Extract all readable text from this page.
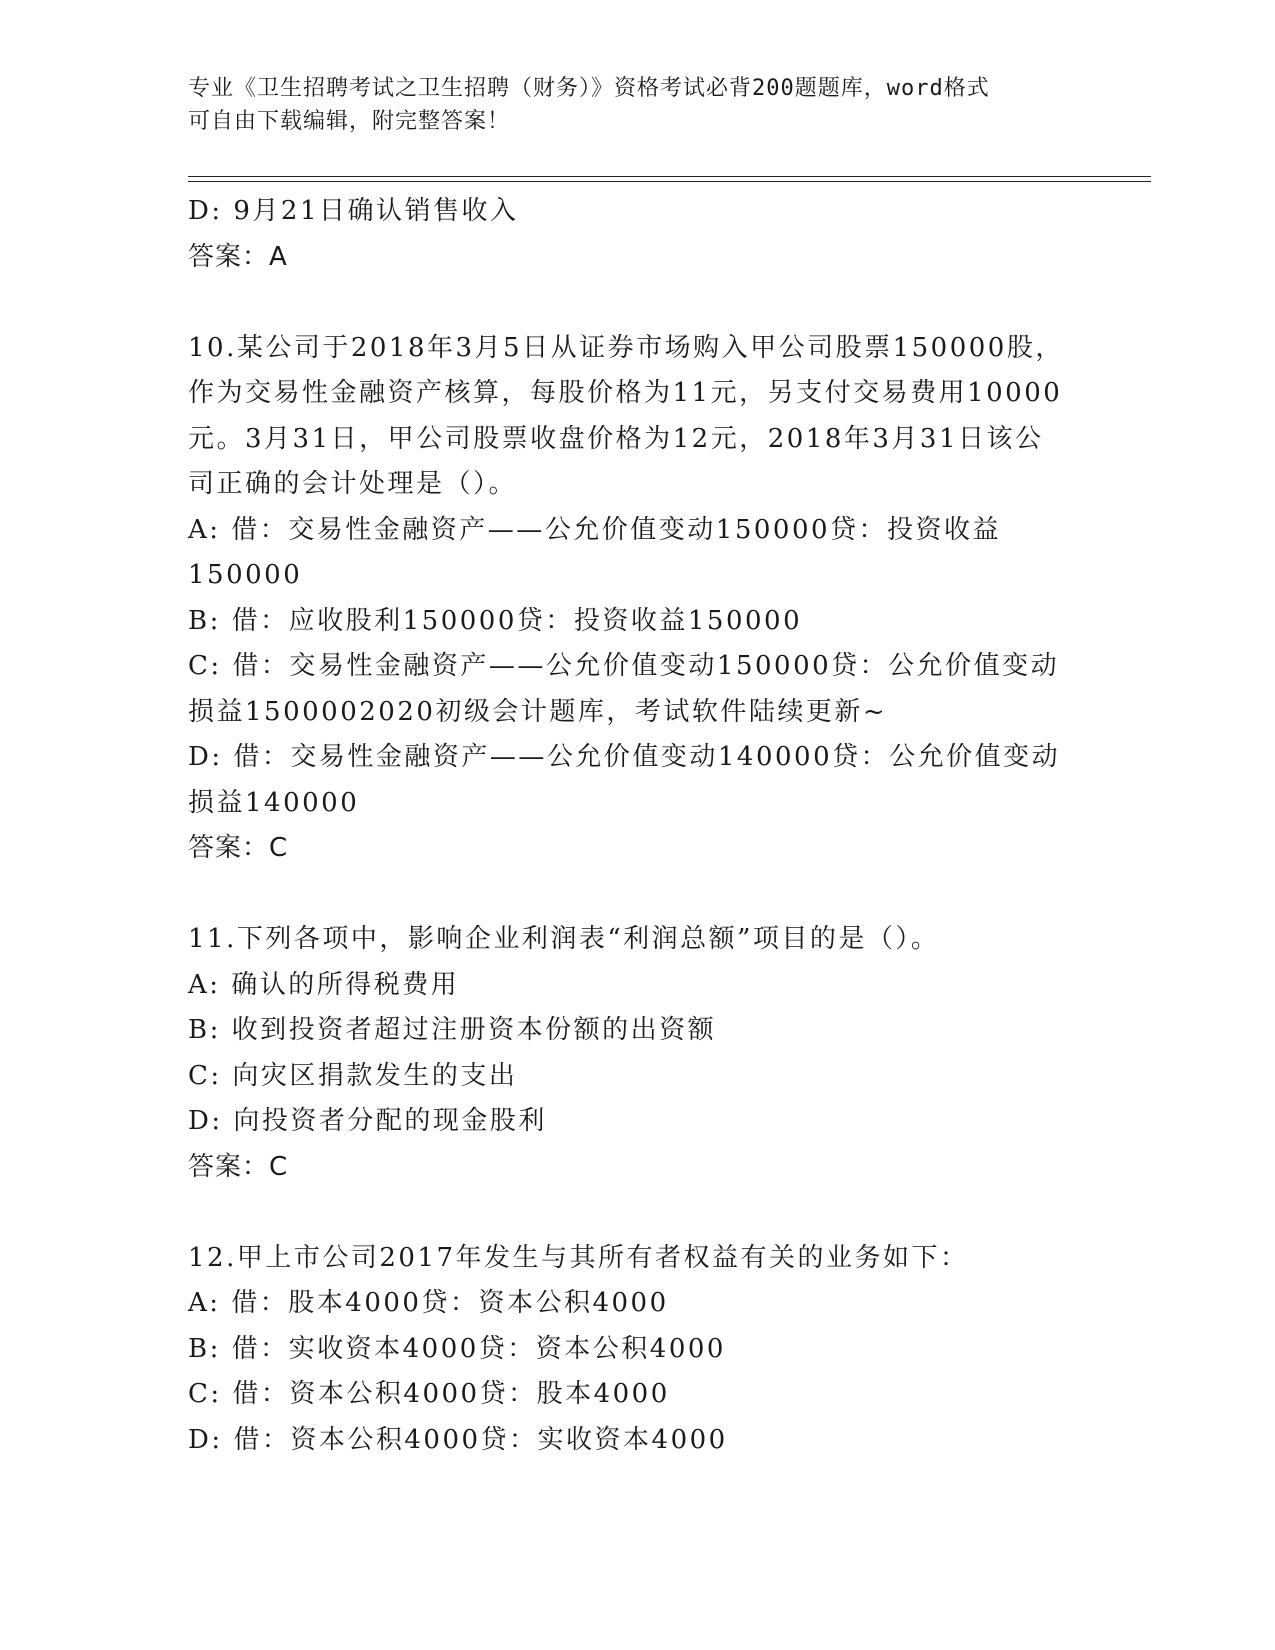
专业《卫生招聘考试之卫生招聘（财务）》资格考试必背200题题库，word格式
可自由下载编辑，附完整答案！
D: 9月21日确认销售收入
答案：A
10.某公司于2018年3月5日从证券市场购入甲公司股票150000股，
作为交易性金融资产核算，每股价格为11元，另支付交易费用10000
元。3月31日，甲公司股票收盘价格为12元，2018年3月31日该公
司正确的会计处理是（）。
A: 借：交易性金融资产——公允价值变动150000贷：投资收益
150000
B: 借：应收股利150000贷：投资收益150000
C: 借：交易性金融资产——公允价值变动150000贷：公允价值变动
损益1500002020初级会计题库，考试软件陆续更新~
D: 借：交易性金融资产——公允价值变动140000贷：公允价值变动
损益140000
答案：C
11.下列各项中，影响企业利润表“利润总额”项目的是（）。
A: 确认的所得税费用
B: 收到投资者超过注册资本份额的出资额
C: 向灾区捐款发生的支出
D: 向投资者分配的现金股利
答案：C
12.甲上市公司2017年发生与其所有者权益有关的业务如下：
A: 借：股本4000贷：资本公积4000
B: 借：实收资本4000贷：资本公积4000
C: 借：资本公积4000贷：股本4000
D: 借：资本公积4000贷：实收资本4000
